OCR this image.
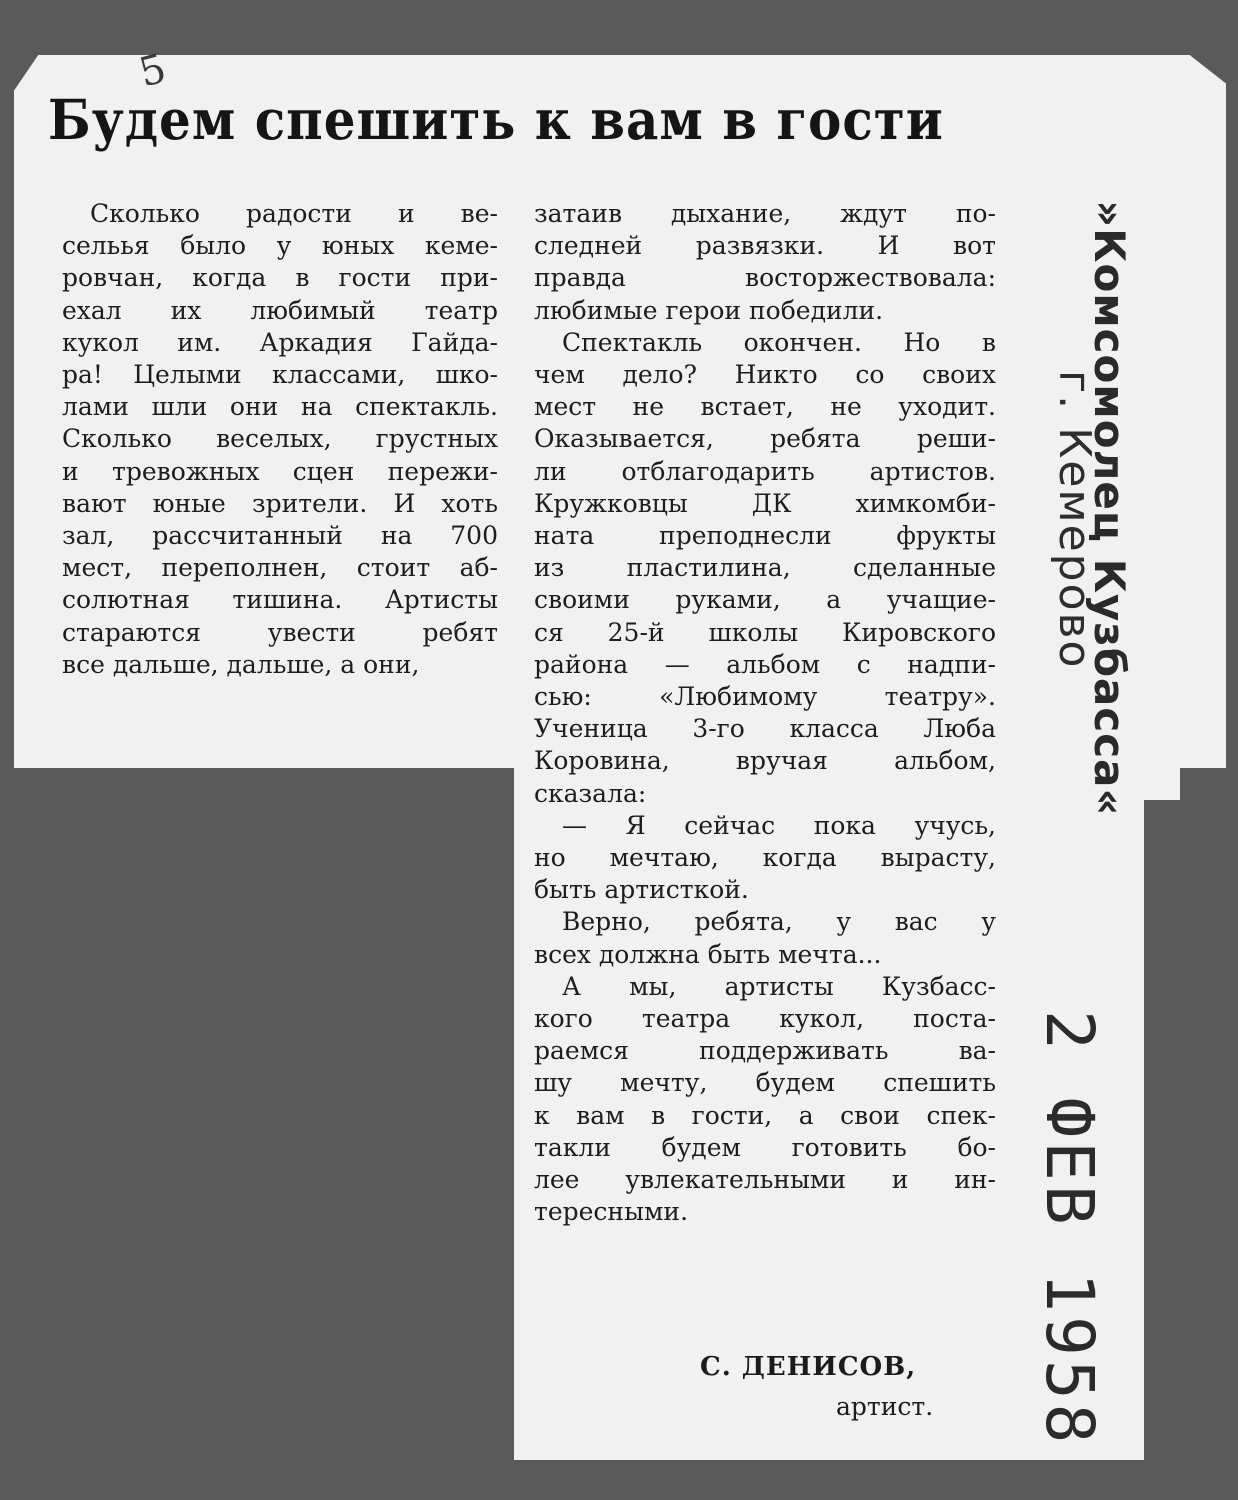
5
Будем спешить к вам в гости

Сколько радости и ве-
сельья было у юных кеме-
ровчан, когда в гости при-
ехал их любимый театр
кукол им. Аркадия Гайда-
ра! Целыми классами, шко-
лами шли они на спектакль.
Сколько веселых, грустных
и тревожных сцен пережи-
вают юные зрители. И хоть
зал, рассчитанный на 700
мест, переполнен, стоит аб-
солютная тишина. Артисты
стараются увести ребят
все дальше, дальше, а они,

затаив дыхание, ждут по-
следней развязки. И вот
правда восторжествовала:
любимые герои победили.

Спектакль окончен. Но в
чем дело? Никто со своих
мест не встает, не уходит.
Оказывается, ребята реши-
ли отблагодарить артистов.
Кружковцы ДК химкомби-
ната преподнесли фрукты
из пластилина, сделанные
своими руками, а учащие-
ся 25-й школы Кировского
района — альбом с надпи-
сью: «Любимому театру».
Ученица 3-го класса Люба
Коровина, вручая альбом,
сказала:

— Я сейчас пока учусь,
но мечтаю, когда вырасту,
быть артисткой.

Верно, ребята, у вас у
всех должна быть мечта...

А мы, артисты Кузбасс-
кого театра кукол, поста-
раемся поддерживать ва-
шу мечту, будем спешить
к вам в гости, а свои спек-
такли будем готовить бо-
лее увлекательными и ин-
тересными.

С. ДЕНИСОВ,
артист.
»Комсомолец Кузбасса«
г. Кемерово
2 ФЕВ 1958
